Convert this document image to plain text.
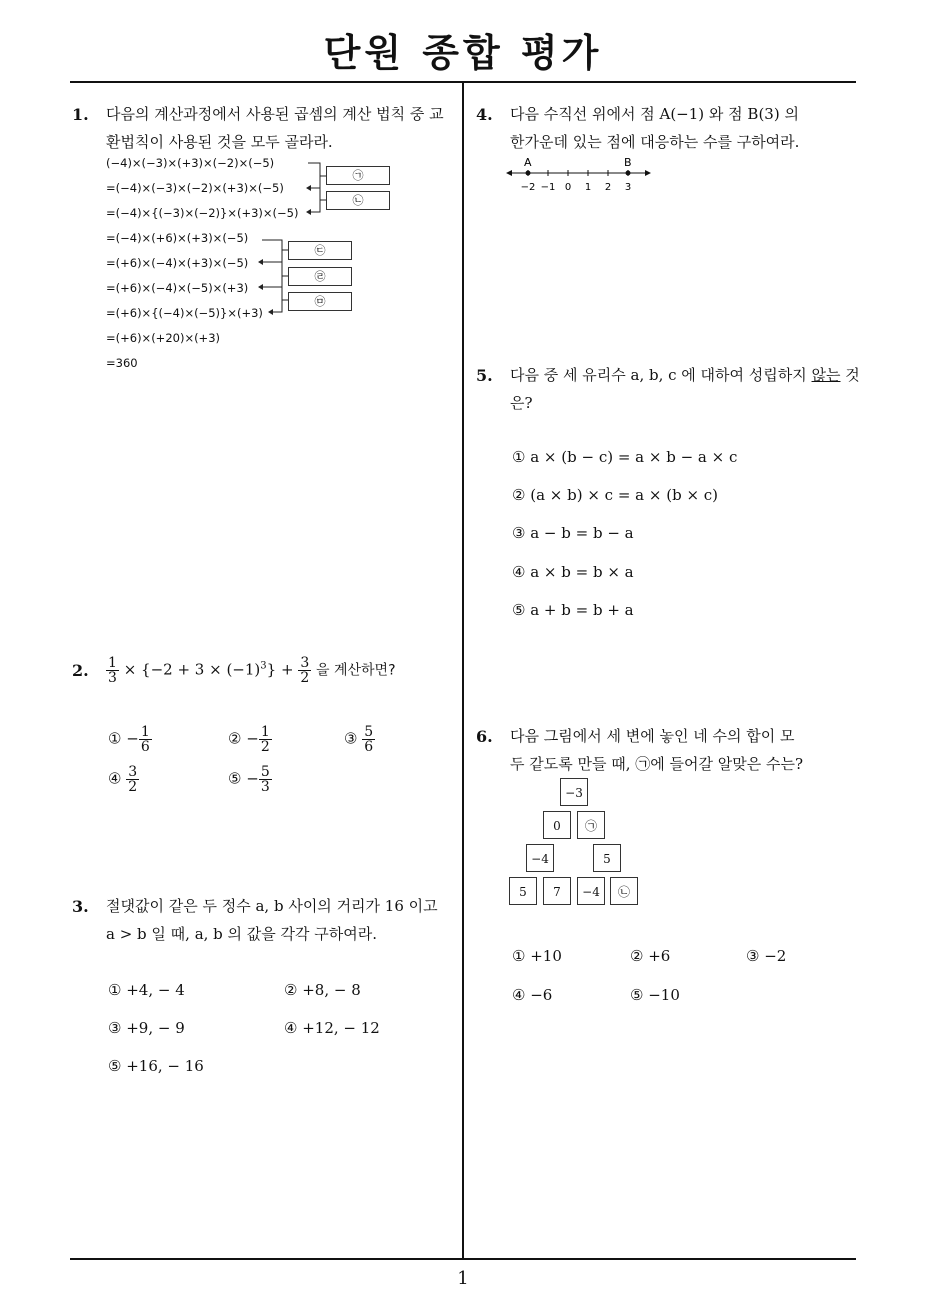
단원 종합 평가
1
1. 다음의 계산과정에서 사용된 곱셈의 계산 법칙 중 교
환법칙이 사용된 것을 모두 골라라.
(−4)×(−3)×(+3)×(−2)×(−5)
=(−4)×(−3)×(−2)×(+3)×(−5)
=(−4)×{(−3)×(−2)}×(+3)×(−5)
=(−4)×(+6)×(+3)×(−5)
=(+6)×(−4)×(+3)×(−5)
=(+6)×(−4)×(−5)×(+3)
=(+6)×{(−4)×(−5)}×(+3)
=(+6)×(+20)×(+3)
=360
㉠
㉡
㉢
㉣
㉤
2. $\frac{1}{3} \times \{-2 + 3 \times (-1)^3\} + \frac{3}{2}$ 을 계산하면?
① − $\frac{1}{6}$	② − $\frac{1}{2}$	③ $\frac{5}{6}$
④ $\frac{3}{2}$	⑤ − $\frac{5}{3}$
3. 절댓값이 같은 두 정수 a, b 사이의 거리가 16 이고
a > b 일 때, a, b 의 값을 각각 구하여라.
① +4, − 4	② +8, − 8
③ +9, − 9	④ +12, − 12
⑤ +16, − 16
4. 다음 수직선 위에서 점 A(−1) 와 점 B(3) 의
한가운데 있는 점에 대응하는 수를 구하여라.
−2 −1 0 1 2 3
A	B
5. 다음 중 세 유리수 a, b, c 에 대하여 성립하지 않는 것
은?
① a × (b − c) = a × b − a × c
② (a × b) × c = a × (b × c)
③ a − b = b − a
④ a × b = b × a
⑤ a + b = b + a
6. 다음 그림에서 세 변에 놓인 네 수의 합이 모
두 같도록 만들 때, ㉠에 들어갈 알맞은 수는?
−3
0	㉠
−4	5
5	7	−4	㉡
① +10	② +6	③ −2
④ −6	⑤ −10
